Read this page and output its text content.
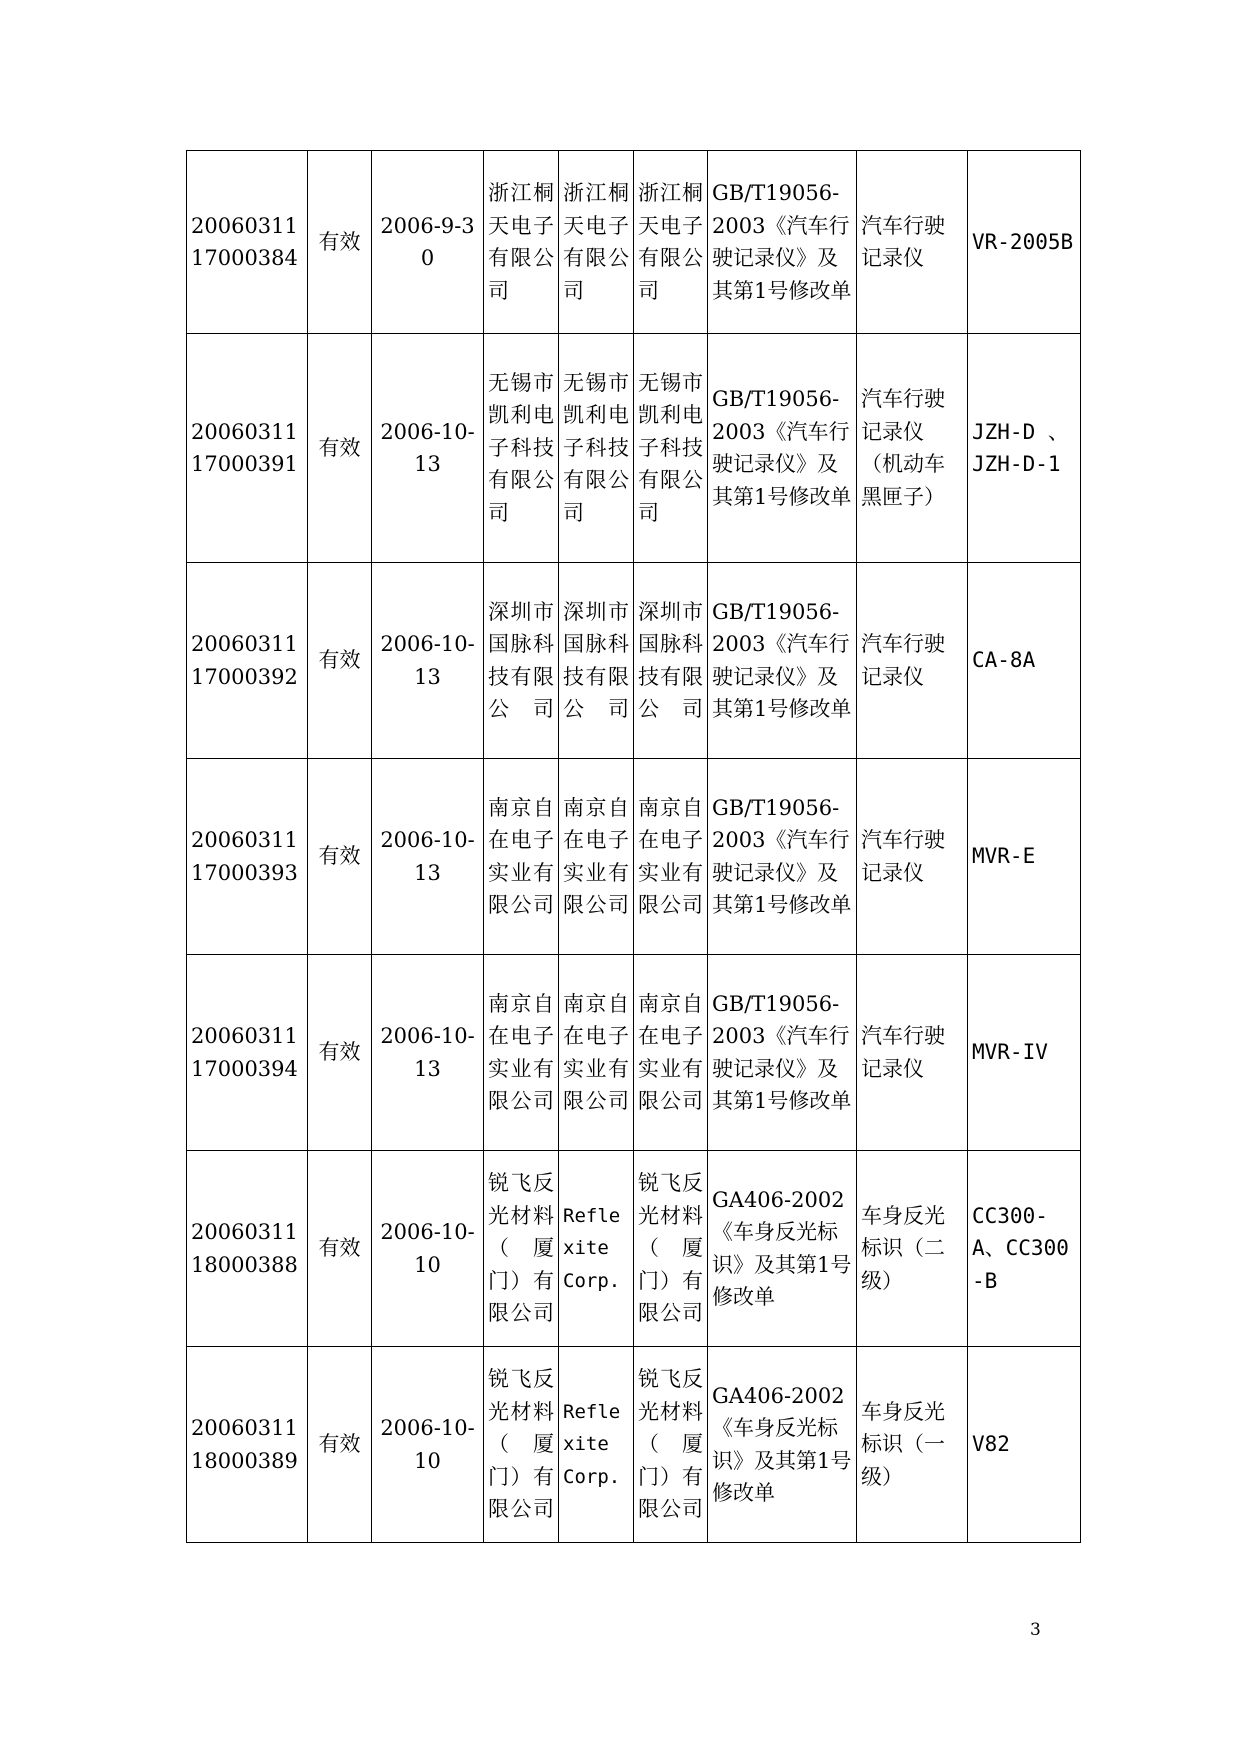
2006031117000384	有效	2006-9-30	浙江桐天电子有限公司	浙江桐天电子有限公司	浙江桐天电子有限公司	GB/T19056-2003《汽车行驶记录仪》及其第1号修改单	汽车行驶记录仪	VR-2005B
2006031117000391	有效	2006-10-13	无锡市凯利电子科技有限公司	无锡市凯利电子科技有限公司	无锡市凯利电子科技有限公司	GB/T19056-2003《汽车行驶记录仪》及其第1号修改单	汽车行驶记录仪（机动车黑匣子）	JZH-D 、JZH-D-1
2006031117000392	有效	2006-10-13	深圳市国脉科技有限公司	深圳市国脉科技有限公司	深圳市国脉科技有限公司	GB/T19056-2003《汽车行驶记录仪》及其第1号修改单	汽车行驶记录仪	CA-8A
2006031117000393	有效	2006-10-13	南京自在电子实业有限公司	南京自在电子实业有限公司	南京自在电子实业有限公司	GB/T19056-2003《汽车行驶记录仪》及其第1号修改单	汽车行驶记录仪	MVR-E
2006031117000394	有效	2006-10-13	南京自在电子实业有限公司	南京自在电子实业有限公司	南京自在电子实业有限公司	GB/T19056-2003《汽车行驶记录仪》及其第1号修改单	汽车行驶记录仪	MVR-IV
2006031118000388	有效	2006-10-10	锐飞反光材料（厦门）有限公司	Reflexite Corp.	锐飞反光材料（厦门）有限公司	GA406-2002《车身反光标识》及其第1号修改单	车身反光标识（二级）	CC300-A、CC300-B
2006031118000389	有效	2006-10-10	锐飞反光材料（厦门）有限公司	Reflexite Corp.	锐飞反光材料（厦门）有限公司	GA406-2002《车身反光标识》及其第1号修改单	车身反光标识（一级）	V82
3
